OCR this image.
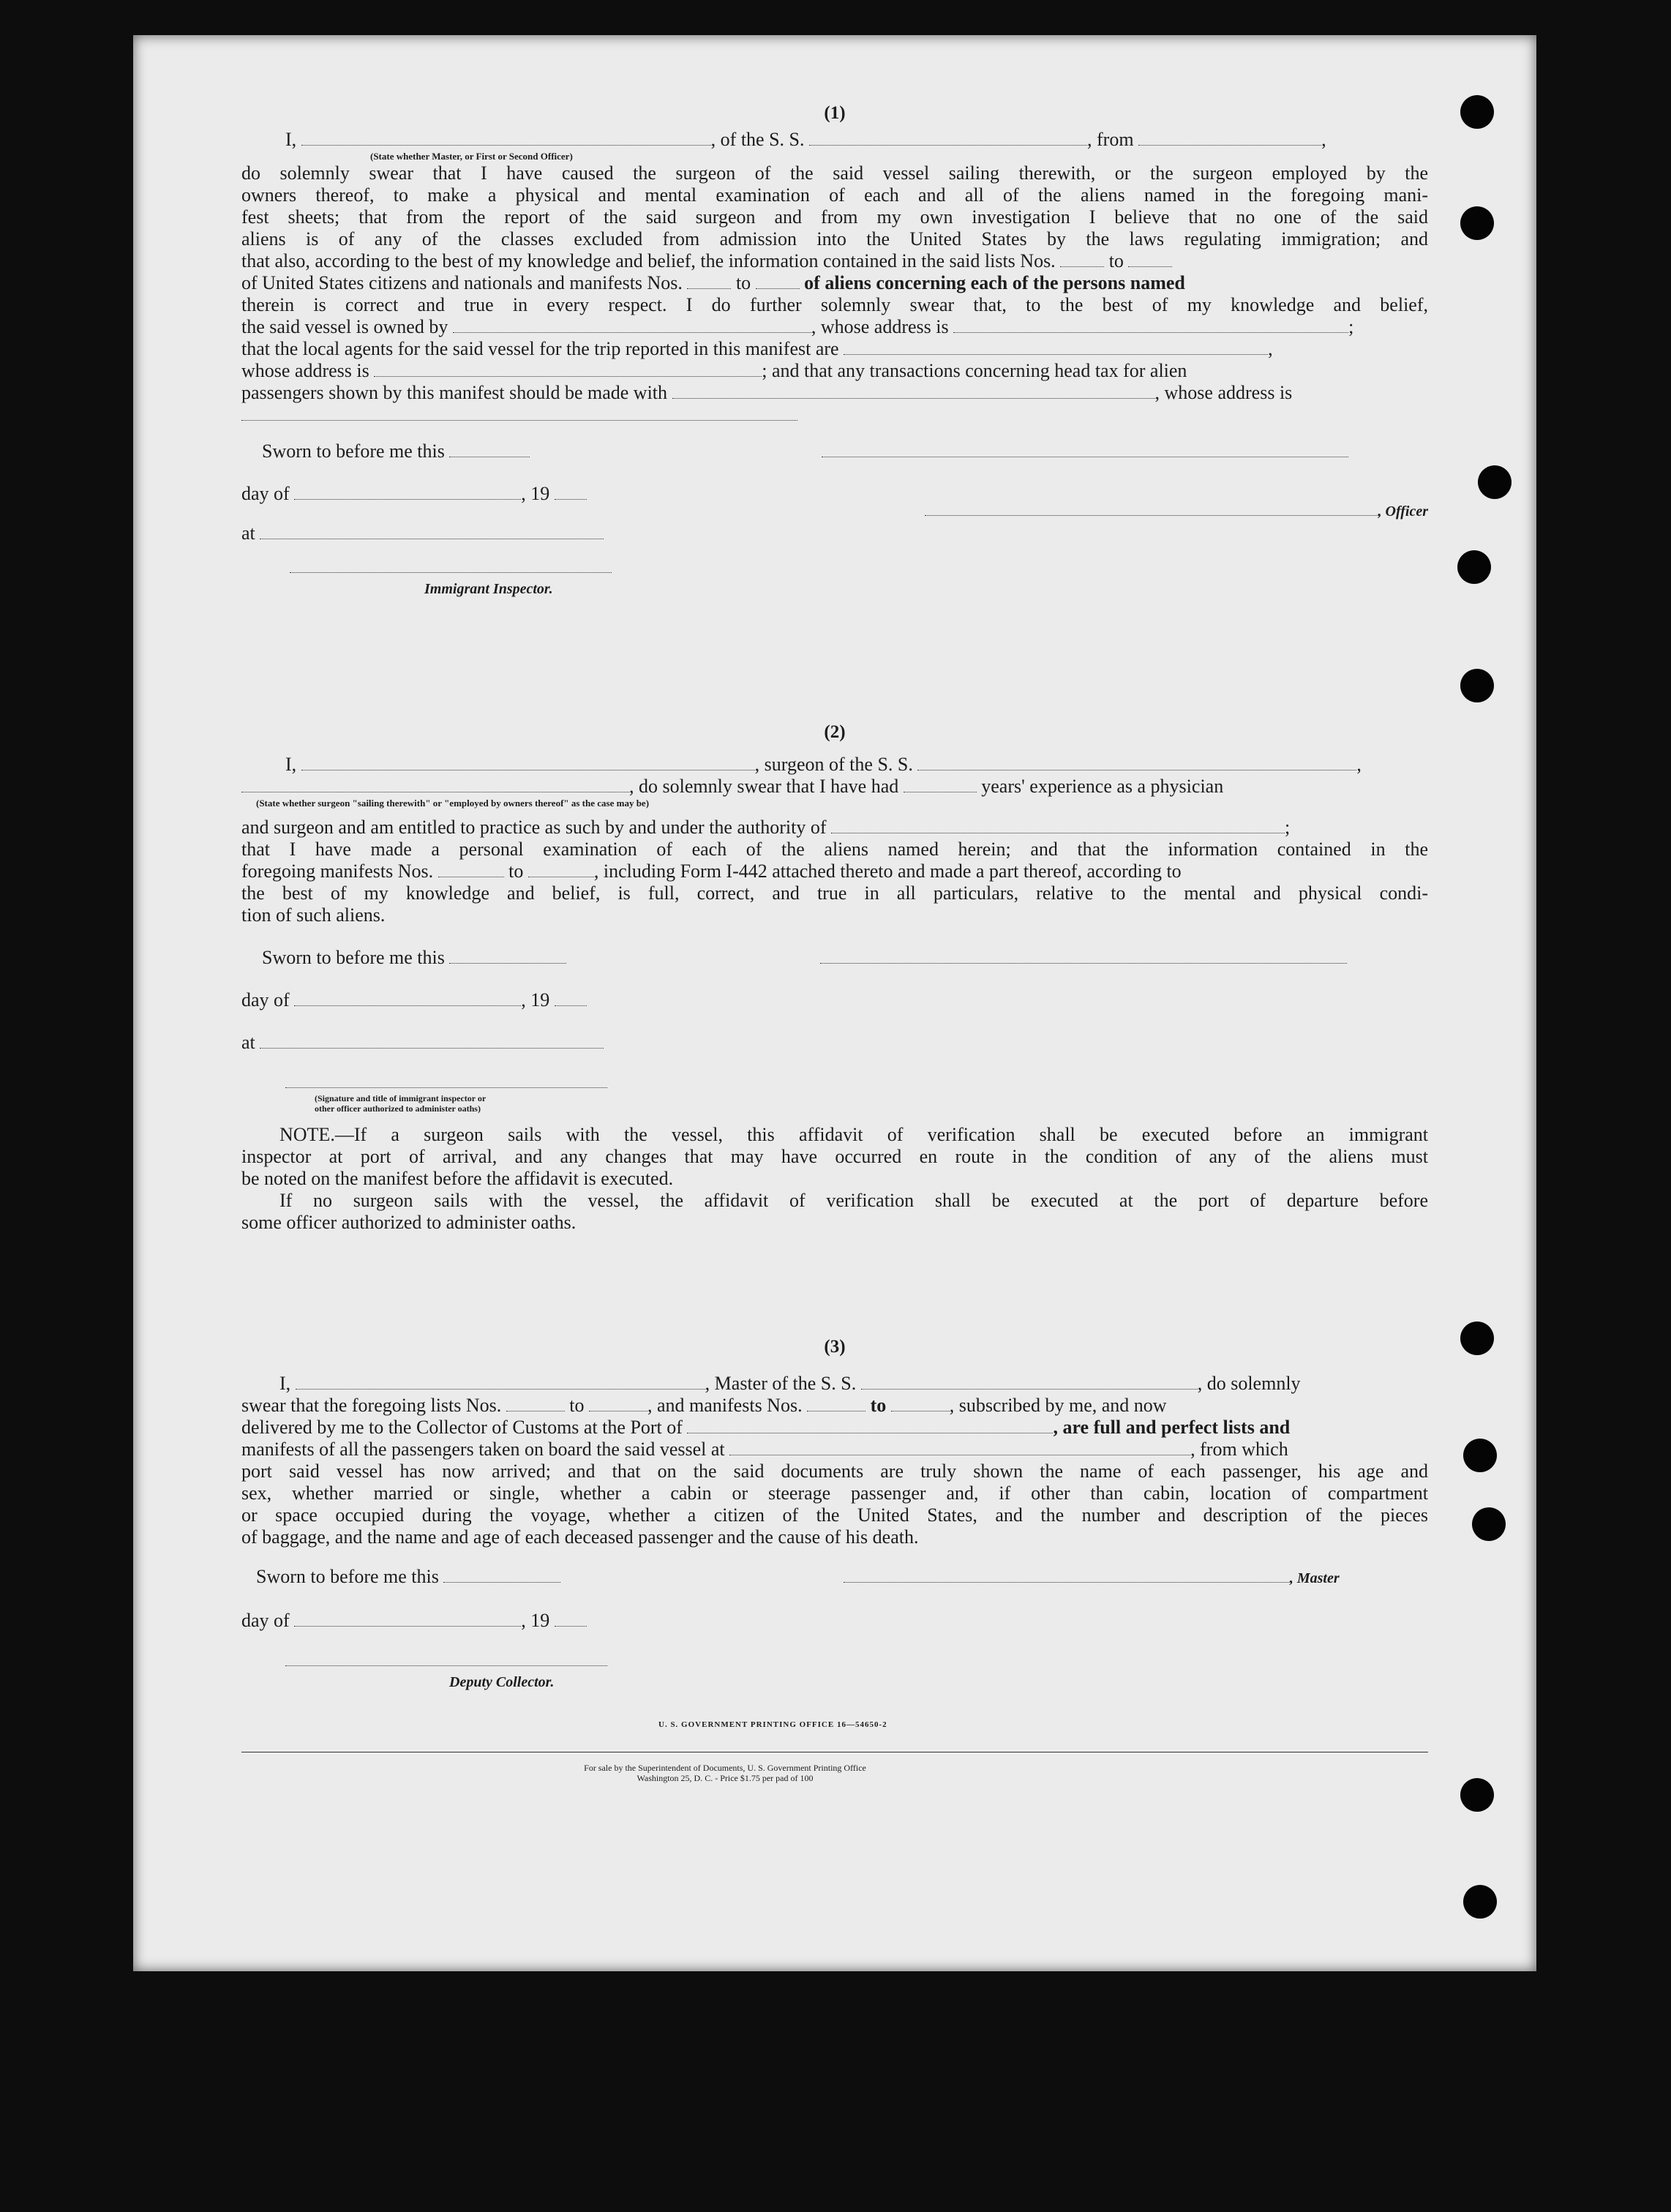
(1)

I,	, of the S. S.	, from	,
(State whether Master, or First or Second Officer)
do solemnly swear that I have caused the surgeon of the said vessel sailing therewith, or the surgeon employed by the
owners thereof, to make a physical and mental examination of each and all of the aliens named in the foregoing mani-
fest sheets; that from the report of the said surgeon and from my own investigation I believe that no one of the said
aliens is of any of the classes excluded from admission into the United States by the laws regulating immigration; and
that also, according to the best of my knowledge and belief, the information contained in the said lists Nos.	to
of United States citizens and nationals and manifests Nos.	to	of aliens concerning each of the persons named
therein is correct and true in every respect. I do further solemnly swear that, to the best of my knowledge and belief,
the said vessel is owned by	, whose address is	;
that the local agents for the said vessel for the trip reported in this manifest are	,
whose address is	; and that any transactions concerning head tax for alien
passengers shown by this manifest should be made with	, whose address is
Sworn to before me this
day of	, 19
, Officer
at
Immigrant Inspector.

(2)

I,	, surgeon of the S. S.	,
, do solemnly swear that I have had	years' experience as a physician
(State whether surgeon "sailing therewith" or "employed by owners thereof" as the case may be)
and surgeon and am entitled to practice as such by and under the authority of	;
that I have made a personal examination of each of the aliens named herein; and that the information contained in the
foregoing manifests Nos.	to	, including Form I-442 attached thereto and made a part thereof, according to
the best of my knowledge and belief, is full, correct, and true in all particulars, relative to the mental and physical condi-
tion of such aliens.
Sworn to before me this
day of	, 19
at
(Signature and title of immigrant inspector or
other officer authorized to administer oaths)
NOTE.—If a surgeon sails with the vessel, this affidavit of verification shall be executed before an immigrant
inspector at port of arrival, and any changes that may have occurred en route in the condition of any of the aliens must
be noted on the manifest before the affidavit is executed.
If no surgeon sails with the vessel, the affidavit of verification shall be executed at the port of departure before
some officer authorized to administer oaths.

(3)

I,	, Master of the S. S.	, do solemnly
swear that the foregoing lists Nos.	to	, and manifests Nos.	to	, subscribed by me, and now
delivered by me to the Collector of Customs at the Port of	, are full and perfect lists and
manifests of all the passengers taken on board the said vessel at	, from which
port said vessel has now arrived; and that on the said documents are truly shown the name of each passenger, his age and
sex, whether married or single, whether a cabin or steerage passenger and, if other than cabin, location of compartment
or space occupied during the voyage, whether a citizen of the United States, and the number and description of the pieces
of baggage, and the name and age of each deceased passenger and the cause of his death.
Sworn to before me this	, Master
day of	, 19
Deputy Collector.
U. S. GOVERNMENT PRINTING OFFICE 16—54650-2
For sale by the Superintendent of Documents, U. S. Government Printing Office
Washington 25, D. C. - Price $1.75 per pad of 100
